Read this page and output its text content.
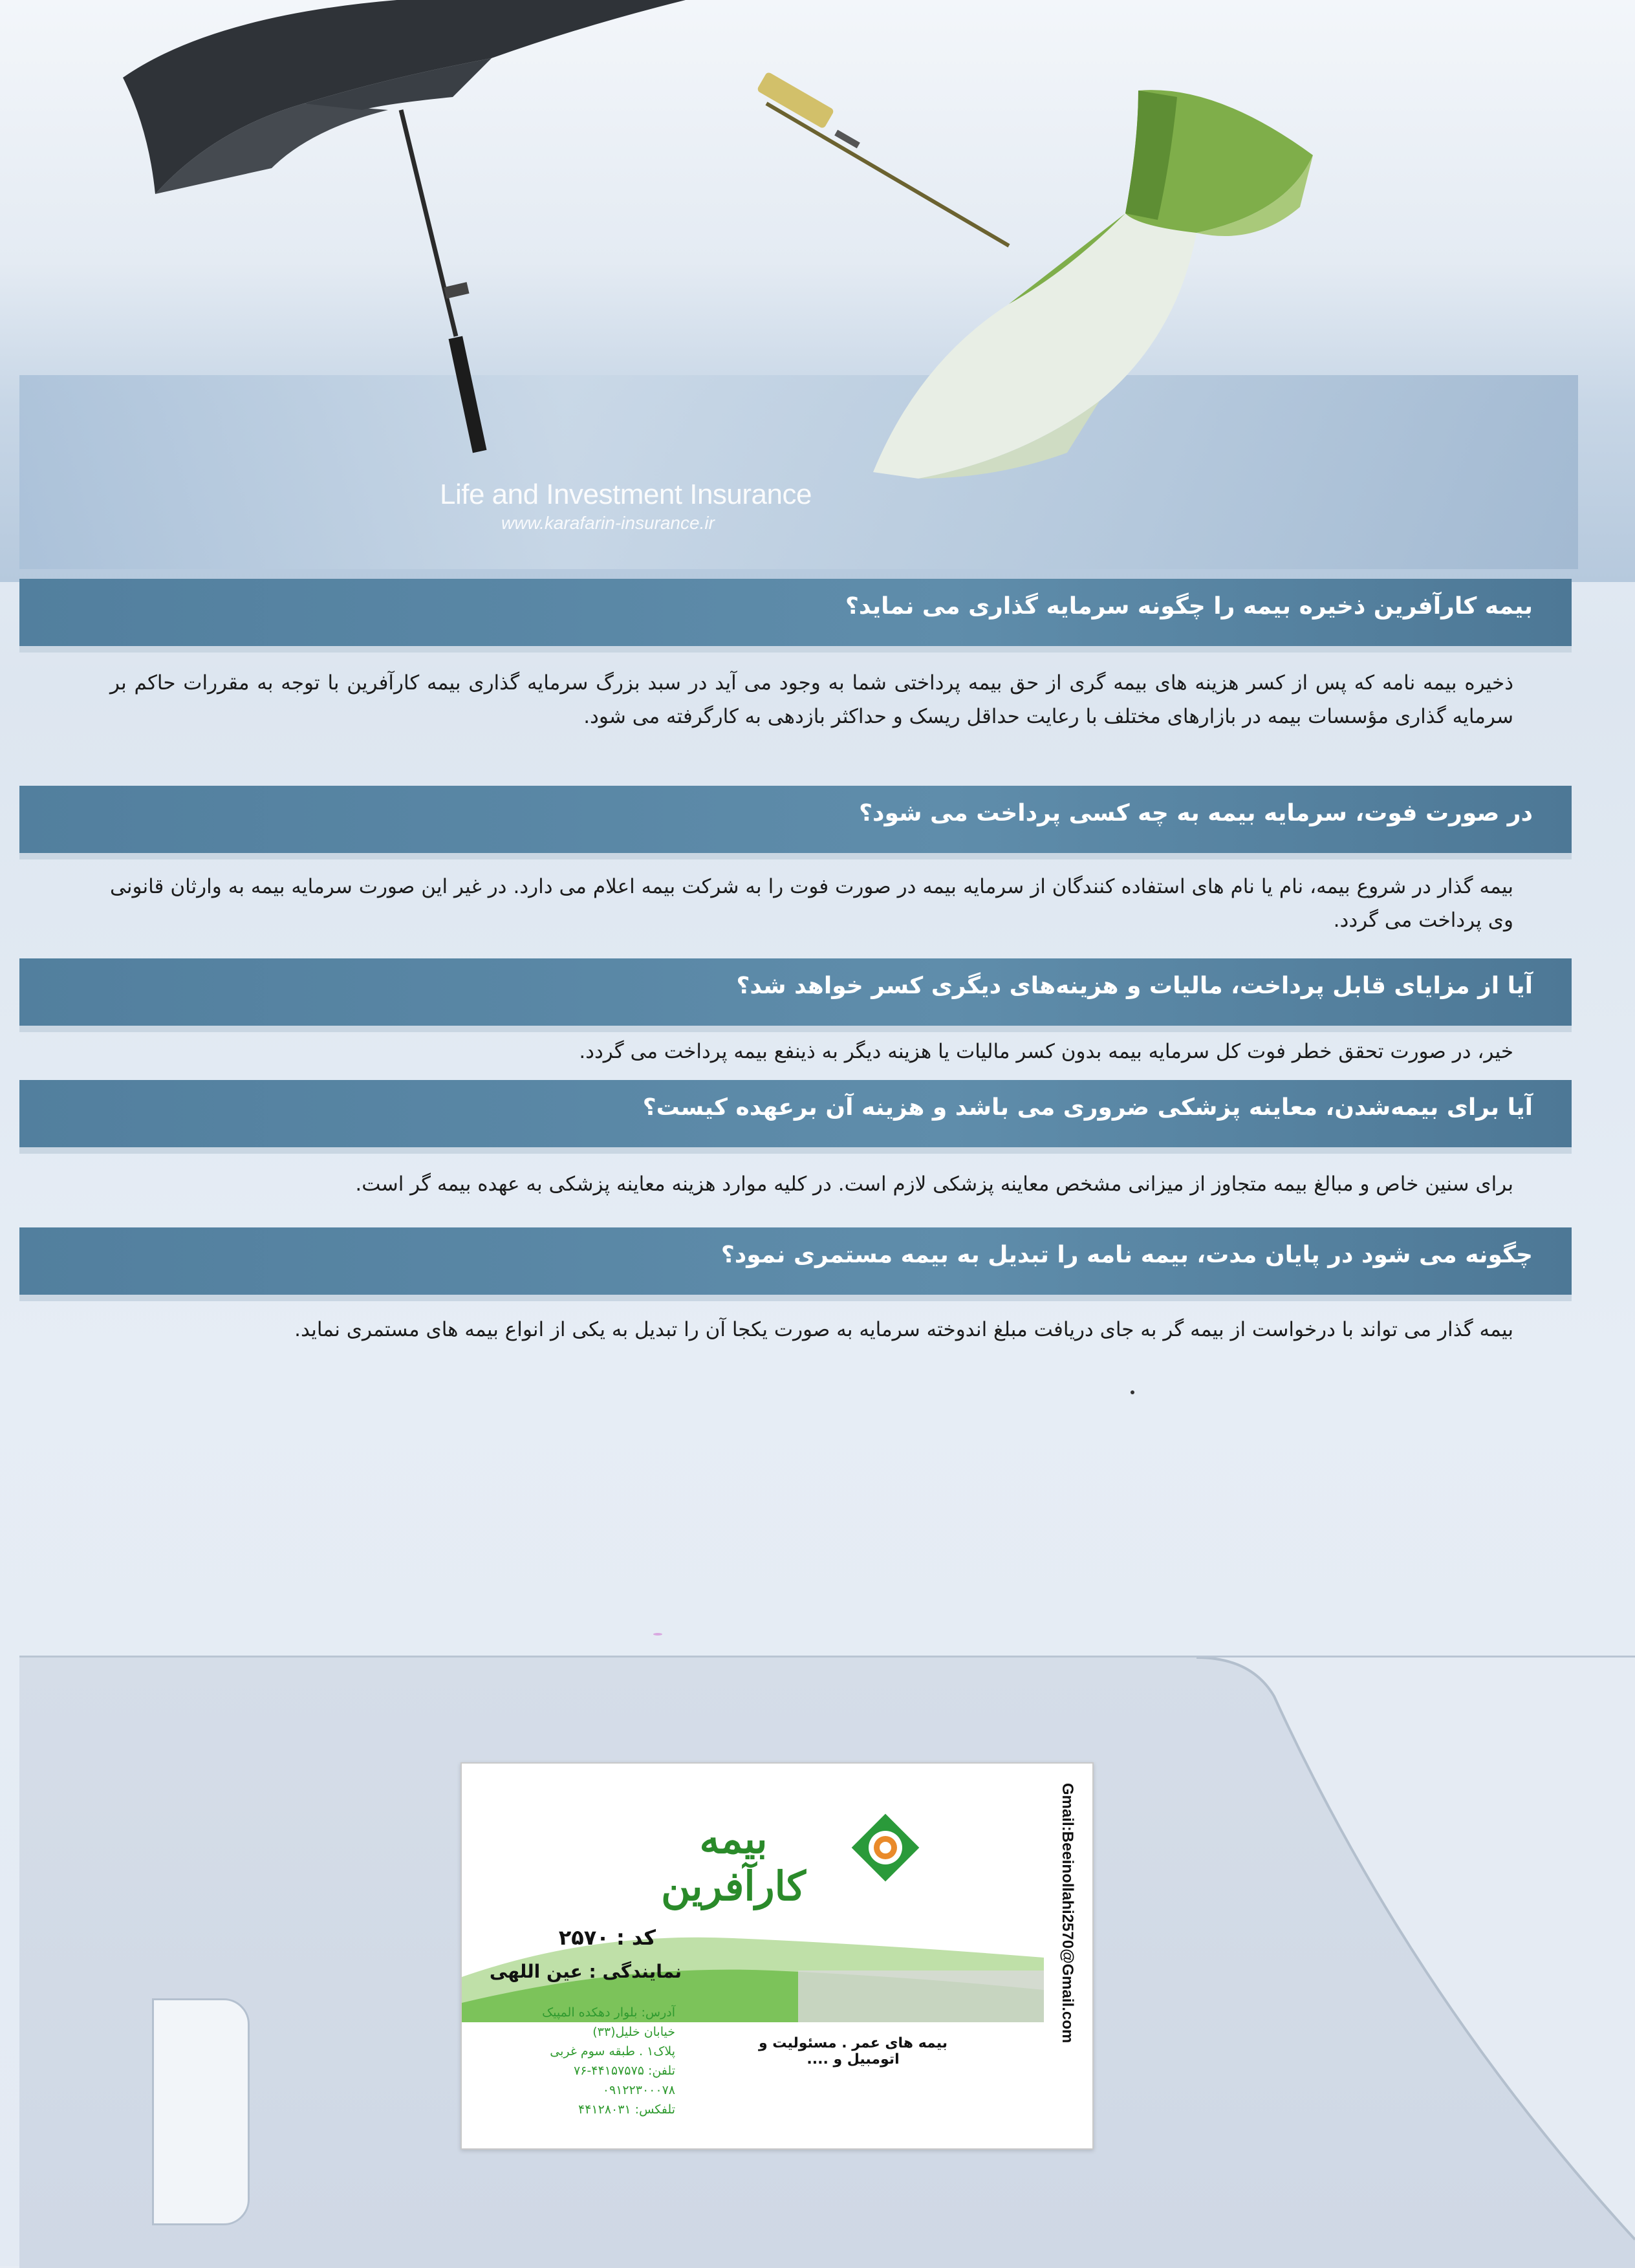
Life and Investment Insurance
www.karafarin-insurance.ir
بیمه کارآفرین ذخیره بیمه را چگونه سرمایه گذاری می نماید؟
ذخیره بیمه نامه که پس از کسر هزینه های بیمه گری از حق بیمه پرداختی شما به وجود می آید در سبد بزرگ سرمایه گذاری بیمه کارآفرین با توجه به مقررات حاکم بر سرمایه گذاری مؤسسات بیمه در بازارهای مختلف با رعایت حداقل ریسک و حداکثر بازدهی به کارگرفته می شود.
در صورت فوت، سرمایه بیمه به چه کسی پرداخت می شود؟
بیمه گذار در شروع بیمه، نام یا نام های استفاده کنندگان از سرمایه بیمه در صورت فوت را به شرکت بیمه اعلام می دارد. در غیر این صورت سرمایه بیمه به وارثان قانونی وی پرداخت می گردد.
آیا از مزایای قابل پرداخت، مالیات و هزینه‌های دیگری کسر خواهد شد؟
خیر، در صورت تحقق خطر فوت کل سرمایه بیمه بدون کسر مالیات یا هزینه دیگر به ذینفع بیمه پرداخت می گردد.
آیا برای بیمه‌شدن، معاینه پزشکی ضروری می باشد و هزینه آن برعهده کیست؟
برای سنین خاص و مبالغ بیمه متجاوز از میزانی مشخص معاینه پزشکی لازم است. در کلیه موارد هزینه معاینه پزشکی به عهده بیمه گر است.
چگونه می شود در پایان مدت، بیمه نامه را تبدیل به بیمه مستمری نمود؟
بیمه گذار می تواند با درخواست از بیمه گر به جای دریافت مبلغ اندوخته سرمایه به صورت یکجا آن را تبدیل به یکی از انواع بیمه های مستمری نماید.
بیمه کارآفرین
کد : ۲۵۷۰
نمایندگی : عین اللهی
آدرس: بلوار دهکده المپیک
خیابان خلیل(۳۳)
پلاک۱ . طبقه سوم غربی
تلفن: ۴۴۱۵۷۵۷۵-۷۶
۰۹۱۲۲۳۰۰۰۷۸
تلفکس: ۴۴۱۲۸۰۳۱
بیمه های عمر . مسئولیت و اتومبیل و ....
Gmail:Beeinollahi2570@Gmail.com
